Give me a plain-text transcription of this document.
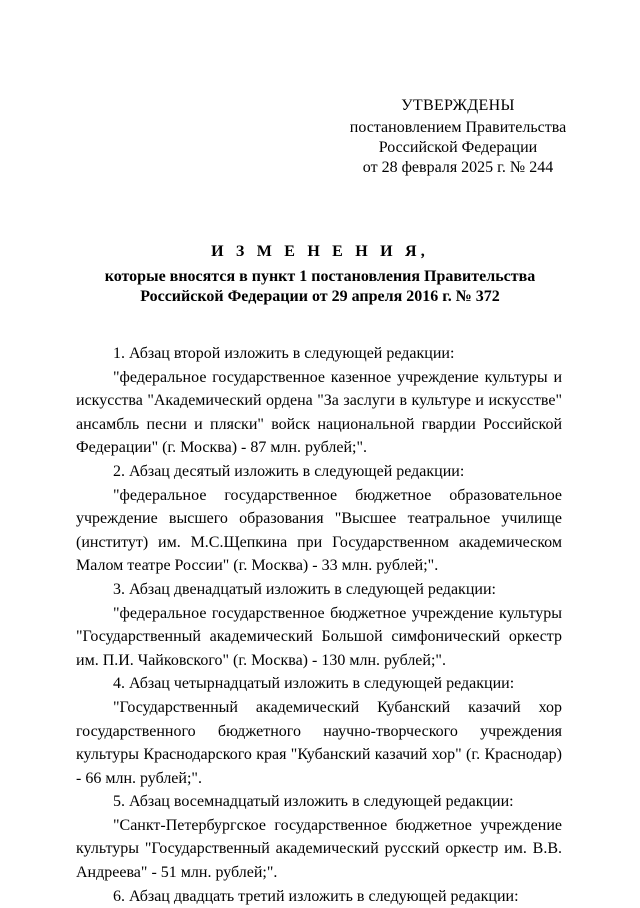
УТВЕРЖДЕНЫ
постановлением Правительства
Российской Федерации
от 28 февраля 2025 г. № 244
И З М Е Н Е Н И Я,
которые вносятся в пункт 1 постановления Правительства
Российской Федерации от 29 апреля 2016 г. № 372

1. Абзац второй изложить в следующей редакции:

"федеральное государственное казенное учреждение культуры и искусства "Академический ордена "За заслуги в культуре и искусстве" ансамбль песни и пляски" войск национальной гвардии Российской Федерации" (г. Москва) - 87 млн. рублей;".

2. Абзац десятый изложить в следующей редакции:

"федеральное государственное бюджетное образовательное учреждение высшего образования "Высшее театральное училище (институт) им. М.С.Щепкина при Государственном академическом Малом театре России" (г. Москва) - 33 млн. рублей;".

3. Абзац двенадцатый изложить в следующей редакции:

"федеральное государственное бюджетное учреждение культуры "Государственный академический Большой симфонический оркестр им. П.И. Чайковского" (г. Москва) - 130 млн. рублей;".

4. Абзац четырнадцатый изложить в следующей редакции:

"Государственный академический Кубанский казачий хор государственного бюджетного научно-творческого учреждения культуры Краснодарского края "Кубанский казачий хор" (г. Краснодар) - 66 млн. рублей;".

5. Абзац восемнадцатый изложить в следующей редакции:

"Санкт-Петербургское государственное бюджетное учреждение культуры "Государственный академический русский оркестр им. В.В. Андреева" - 51 млн. рублей;".

6. Абзац двадцать третий изложить в следующей редакции:
